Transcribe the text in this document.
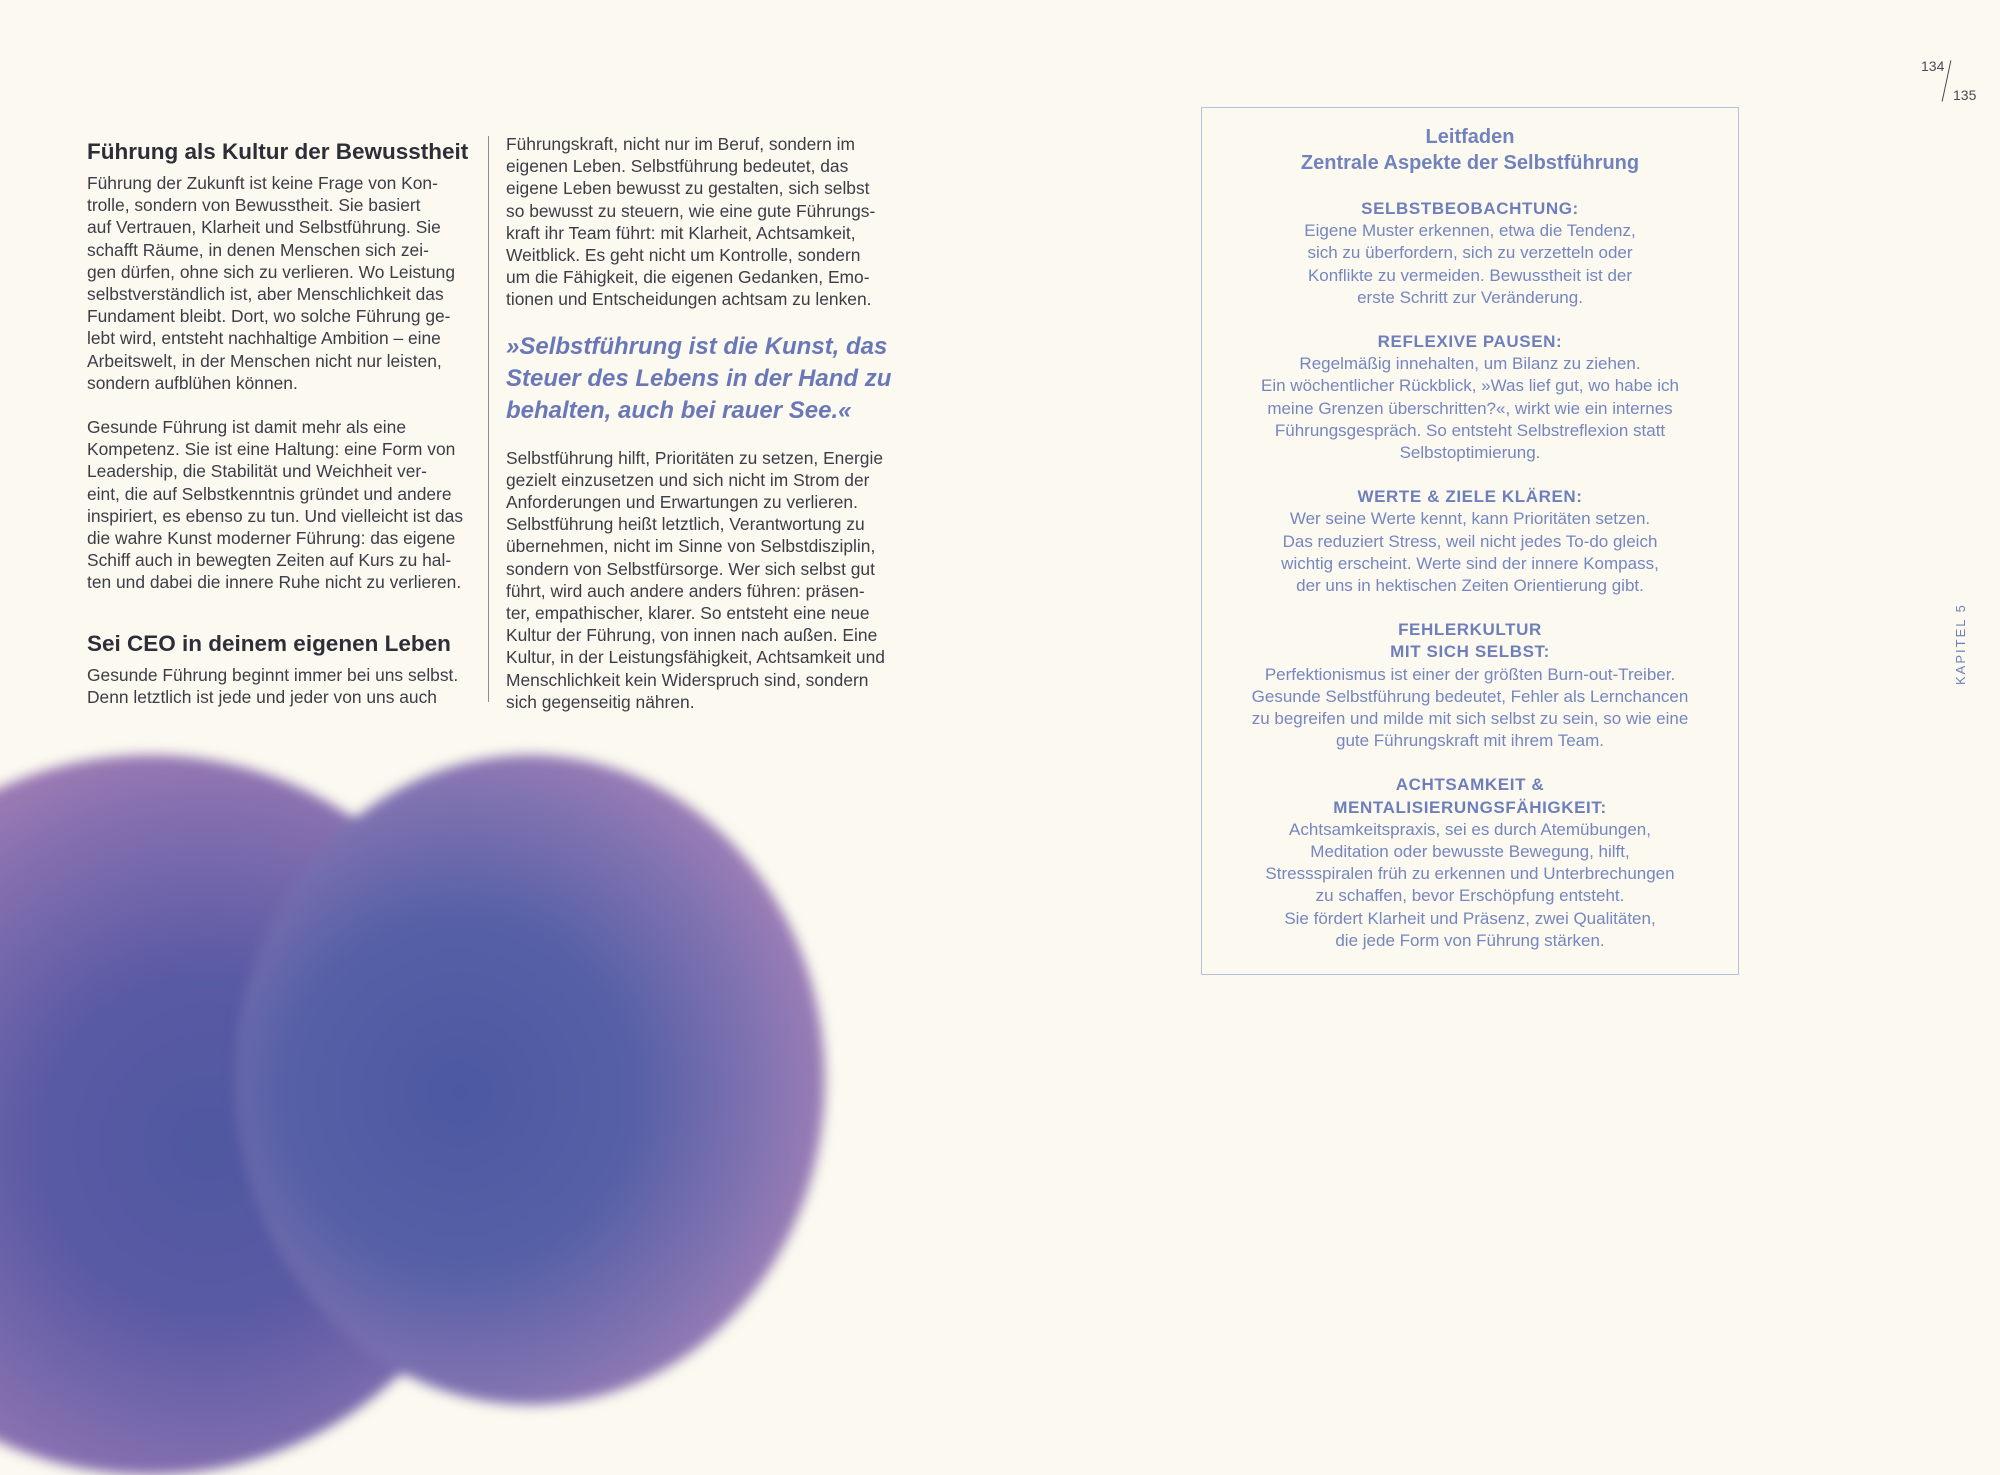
Führung als Kultur der Bewusstheit

Führung der Zukunft ist keine Frage von Kon-
trolle, sondern von Bewusstheit. Sie basiert
auf Vertrauen, Klarheit und Selbstführung. Sie
schafft Räume, in denen Menschen sich zei-
gen dürfen, ohne sich zu verlieren. Wo Leistung
selbstverständlich ist, aber Menschlichkeit das
Fundament bleibt. Dort, wo solche Führung ge-
lebt wird, entsteht nachhaltige Ambition – eine
Arbeitswelt, in der Menschen nicht nur leisten,
sondern aufblühen können.

Gesunde Führung ist damit mehr als eine
Kompetenz. Sie ist eine Haltung: eine Form von
Leadership, die Stabilität und Weichheit ver-
eint, die auf Selbstkenntnis gründet und andere
inspiriert, es ebenso zu tun. Und vielleicht ist das
die wahre Kunst moderner Führung: das eigene
Schiff auch in bewegten Zeiten auf Kurs zu hal-
ten und dabei die innere Ruhe nicht zu verlieren.

Sei CEO in deinem eigenen Leben

Gesunde Führung beginnt immer bei uns selbst.
Denn letztlich ist jede und jeder von uns auch

Führungskraft, nicht nur im Beruf, sondern im
eigenen Leben. Selbstführung bedeutet, das
eigene Leben bewusst zu gestalten, sich selbst
so bewusst zu steuern, wie eine gute Führungs-
kraft ihr Team führt: mit Klarheit, Achtsamkeit,
Weitblick. Es geht nicht um Kontrolle, sondern
um die Fähigkeit, die eigenen Gedanken, Emo-
tionen und Entscheidungen achtsam zu lenken.

»Selbstführung ist die Kunst, das
Steuer des Lebens in der Hand zu
behalten, auch bei rauer See.«

Selbstführung hilft, Prioritäten zu setzen, Energie
gezielt einzusetzen und sich nicht im Strom der
Anforderungen und Erwartungen zu verlieren.
Selbstführung heißt letztlich, Verantwortung zu
übernehmen, nicht im Sinne von Selbstdisziplin,
sondern von Selbstfürsorge. Wer sich selbst gut
führt, wird auch andere anders führen: präsen-
ter, empathischer, klarer. So entsteht eine neue
Kultur der Führung, von innen nach außen. Eine
Kultur, in der Leistungsfähigkeit, Achtsamkeit und
Menschlichkeit kein Widerspruch sind, sondern
sich gegenseitig nähren.

Leitfaden
Zentrale Aspekte der Selbstführung
SELBSTBEOBACHTUNG:
Eigene Muster erkennen, etwa die Tendenz,
sich zu überfordern, sich zu verzetteln oder
Konflikte zu vermeiden. Bewusstheit ist der
erste Schritt zur Veränderung.
REFLEXIVE PAUSEN:
Regelmäßig innehalten, um Bilanz zu ziehen.
Ein wöchentlicher Rückblick, »Was lief gut, wo habe ich
meine Grenzen überschritten?«, wirkt wie ein internes
Führungsgespräch. So entsteht Selbstreflexion statt
Selbstoptimierung.
WERTE & ZIELE KLÄREN:
Wer seine Werte kennt, kann Prioritäten setzen.
Das reduziert Stress, weil nicht jedes To-do gleich
wichtig erscheint. Werte sind der innere Kompass,
der uns in hektischen Zeiten Orientierung gibt.
FEHLERKULTUR
MIT SICH SELBST:
Perfektionismus ist einer der größten Burn-out-Treiber.
Gesunde Selbstführung bedeutet, Fehler als Lernchancen
zu begreifen und milde mit sich selbst zu sein, so wie eine
gute Führungskraft mit ihrem Team.
ACHTSAMKEIT &
MENTALISIERUNGSFÄHIGKEIT:
Achtsamkeitspraxis, sei es durch Atemübungen,
Meditation oder bewusste Bewegung, hilft,
Stressspiralen früh zu erkennen und Unterbrechungen
zu schaffen, bevor Erschöpfung entsteht.
Sie fördert Klarheit und Präsenz, zwei Qualitäten,
die jede Form von Führung stärken.
134
135
KAPITEL 5
